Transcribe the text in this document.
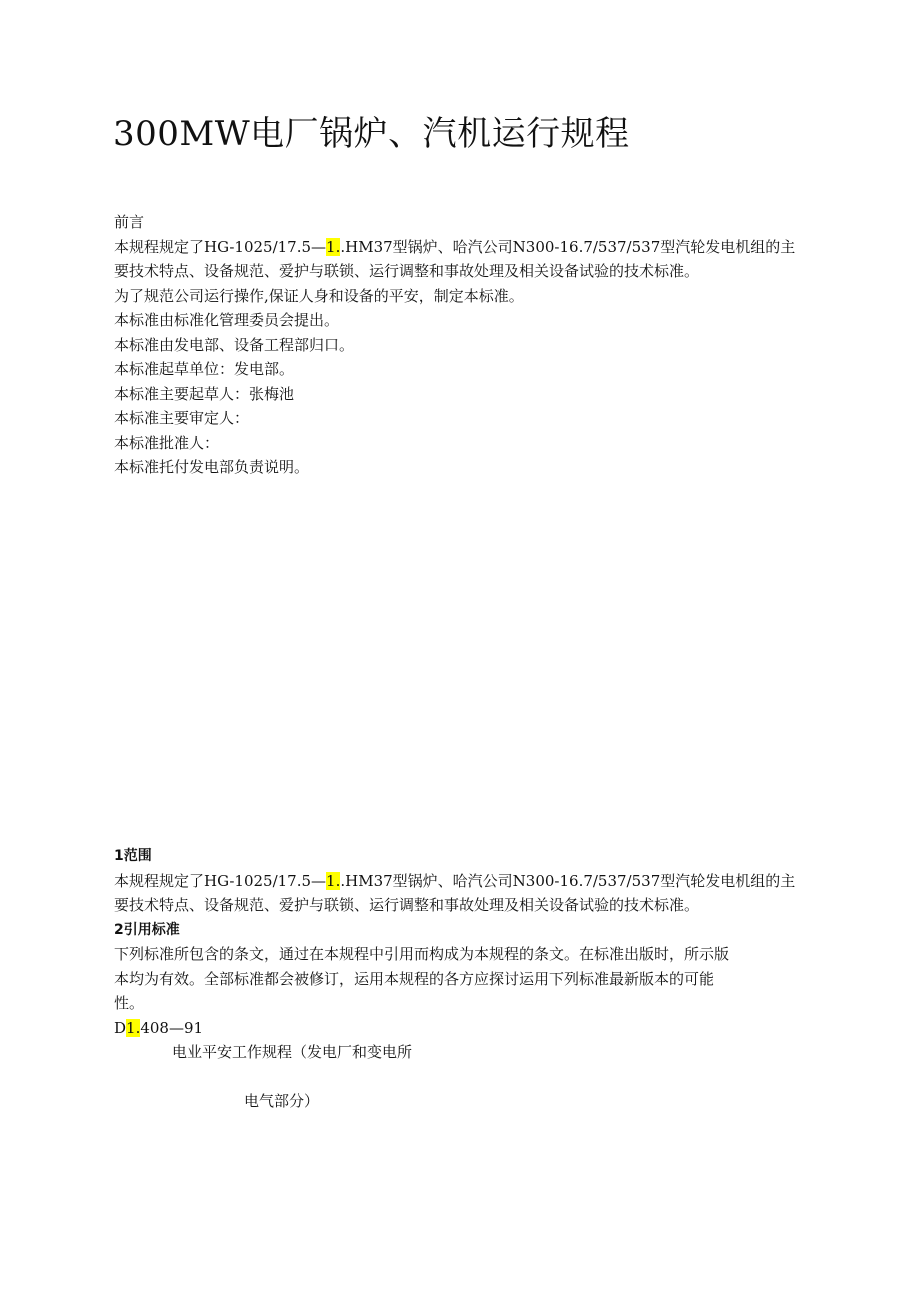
300MW电厂锅炉、汽机运行规程
前言
本规程规定了HG-1025/17.5—1..HM37型锅炉、哈汽公司N300-16.7/537/537型汽轮发电机组的主
要技术特点、设备规范、爱护与联锁、运行调整和事故处理及相关设备试验的技术标准。
为了规范公司运行操作,保证人身和设备的平安，制定本标准。
本标准由标准化管理委员会提出。
本标准由发电部、设备工程部归口。
本标准起草单位：发电部。
本标准主要起草人：张梅池
本标准主要审定人：
本标准批准人：
本标准托付发电部负责说明。
1范围
本规程规定了HG-1025/17.5—1..HM37型锅炉、哈汽公司N300-16.7/537/537型汽轮发电机组的主
要技术特点、设备规范、爱护与联锁、运行调整和事故处理及相关设备试验的技术标准。
2引用标准
下列标准所包含的条文，通过在本规程中引用而构成为本规程的条文。在标准出版时，所示版
本均为有效。全部标准都会被修订，运用本规程的各方应探讨运用下列标准最新版本的可能
性。
D1.408—91
电业平安工作规程（发电厂和变电所
电气部分）
